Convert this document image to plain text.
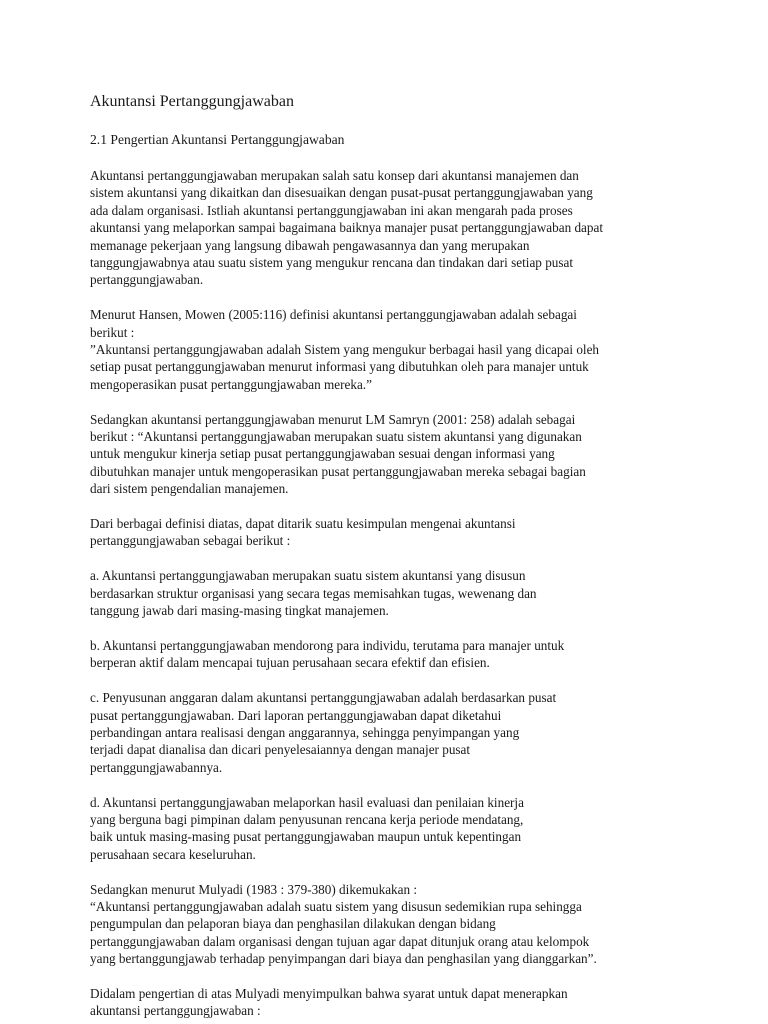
Akuntansi Pertanggungjawaban
2.1 Pengertian Akuntansi Pertanggungjawaban

Akuntansi pertanggungjawaban merupakan salah satu konsep dari akuntansi manajemen dan
sistem akuntansi yang dikaitkan dan disesuaikan dengan pusat-pusat pertanggungjawaban yang
ada dalam organisasi. Istliah akuntansi pertanggungjawaban ini akan mengarah pada proses
akuntansi yang melaporkan sampai bagaimana baiknya manajer pusat pertanggungjawaban dapat
memanage pekerjaan yang langsung dibawah pengawasannya dan yang merupakan
tanggungjawabnya atau suatu sistem yang mengukur rencana dan tindakan dari setiap pusat
pertanggungjawaban.

Menurut Hansen, Mowen (2005:116) definisi akuntansi pertanggungjawaban adalah sebagai
berikut :
”Akuntansi pertanggungjawaban adalah Sistem yang mengukur berbagai hasil yang dicapai oleh
setiap pusat pertanggungjawaban menurut informasi yang dibutuhkan oleh para manajer untuk
mengoperasikan pusat pertanggungjawaban mereka.”

Sedangkan akuntansi pertanggungjawaban menurut LM Samryn (2001: 258) adalah sebagai
berikut : “Akuntansi pertanggungjawaban merupakan suatu sistem akuntansi yang digunakan
untuk mengukur kinerja setiap pusat pertanggungjawaban sesuai dengan informasi yang
dibutuhkan manajer untuk mengoperasikan pusat pertanggungjawaban mereka sebagai bagian
dari sistem pengendalian manajemen.

Dari berbagai definisi diatas, dapat ditarik suatu kesimpulan mengenai akuntansi
pertanggungjawaban sebagai berikut :

a. Akuntansi pertanggungjawaban merupakan suatu sistem akuntansi yang disusun
berdasarkan struktur organisasi yang secara tegas memisahkan tugas, wewenang dan
tanggung jawab dari masing-masing tingkat manajemen.

b. Akuntansi pertanggungjawaban mendorong para individu, terutama para manajer untuk
berperan aktif dalam mencapai tujuan perusahaan secara efektif dan efisien.

c. Penyusunan anggaran dalam akuntansi pertanggungjawaban adalah berdasarkan pusat
pusat pertanggungjawaban. Dari laporan pertanggungjawaban dapat diketahui
perbandingan antara realisasi dengan anggarannya, sehingga penyimpangan yang
terjadi dapat dianalisa dan dicari penyelesaiannya dengan manajer pusat
pertanggungjawabannya.

d. Akuntansi pertanggungjawaban melaporkan hasil evaluasi dan penilaian kinerja
yang berguna bagi pimpinan dalam penyusunan rencana kerja periode mendatang,
baik untuk masing-masing pusat pertanggungjawaban maupun untuk kepentingan
perusahaan secara keseluruhan.

Sedangkan menurut Mulyadi (1983 : 379-380) dikemukakan :
“Akuntansi pertanggungjawaban adalah suatu sistem yang disusun sedemikian rupa sehingga
pengumpulan dan pelaporan biaya dan penghasilan dilakukan dengan bidang
pertanggungjawaban dalam organisasi dengan tujuan agar dapat ditunjuk orang atau kelompok
yang bertanggungjawab terhadap penyimpangan dari biaya dan penghasilan yang dianggarkan”.

Didalam pengertian di atas Mulyadi menyimpulkan bahwa syarat untuk dapat menerapkan
akuntansi pertanggungjawaban :
